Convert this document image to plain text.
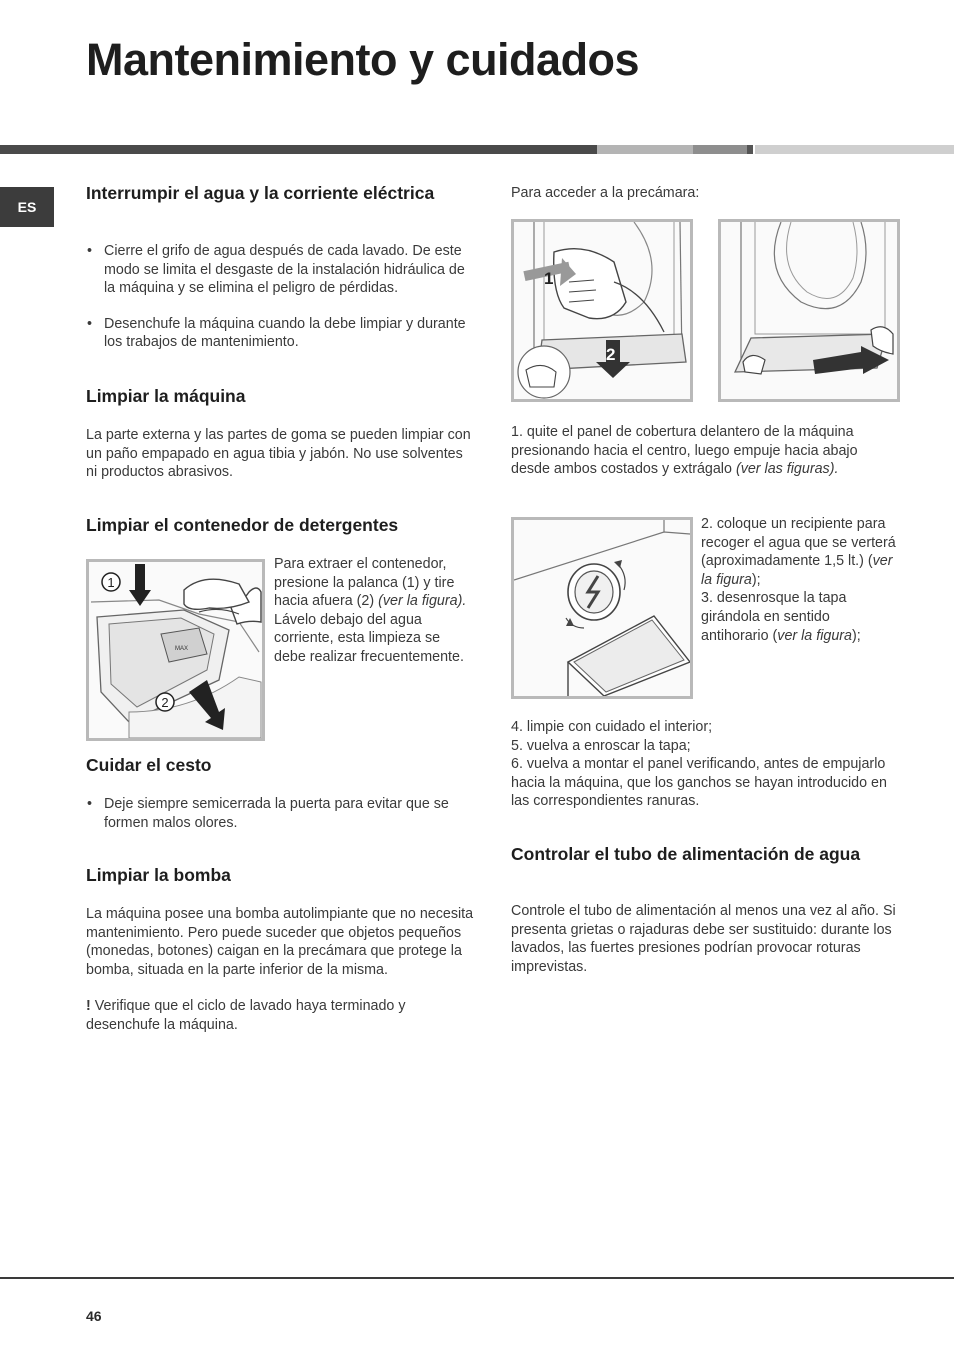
Mantenimiento y cuidados
ES
Interrumpir el agua y la corriente eléctrica
• Cierre el grifo de agua después de cada lavado. De este modo se limita el desgaste de la instalación hidráulica de la máquina y se elimina el peligro de pérdidas.
• Desenchufe la máquina cuando la debe limpiar y durante los trabajos de mantenimiento.
Limpiar la máquina

La parte externa y las partes de goma se pueden limpiar con un paño empapado en agua tibia y jabón. No use solventes ni productos abrasivos.

Limpiar el contenedor de detergentes
MAX
1
2

Para extraer el contenedor, presione la palanca (1) y tire hacia afuera (2) (ver la figura). Lávelo debajo del agua corriente, esta limpieza se debe realizar frecuentemente.

Cuidar el cesto
• Deje siempre semicerrada la puerta para evitar que se formen malos olores.
Limpiar la bomba

La máquina posee una bomba autolimpiante que no necesita mantenimiento. Pero puede suceder que objetos pequeños (monedas, botones) caigan en la precámara que protege la bomba, situada en la parte inferior de la misma.

! Verifique que el ciclo de lavado haya terminado y desenchufe la máquina.

Para acceder a la precámara:

1
2

1. quite el panel de cobertura delantero de la máquina presionando hacia el centro, luego empuje hacia abajo desde ambos costados y extrágalo (ver las figuras).

2. coloque un recipiente para recoger el agua que se verterá (aproximadamente 1,5 lt.) (ver la figura);
3. desenrosque la tapa girándola en sentido antihorario (ver la figura);

4. limpie con cuidado el interior;
5. vuelva a enroscar la tapa;
6. vuelva a montar el panel verificando, antes de empujarlo hacia la máquina, que los ganchos se hayan introducido en las correspondientes ranuras.

Controlar el tubo de alimentación de agua

Controle el tubo de alimentación al menos una vez al año. Si presenta grietas o rajaduras debe ser sustituido: durante los lavados, las fuertes presiones podrían provocar roturas imprevistas.

46
